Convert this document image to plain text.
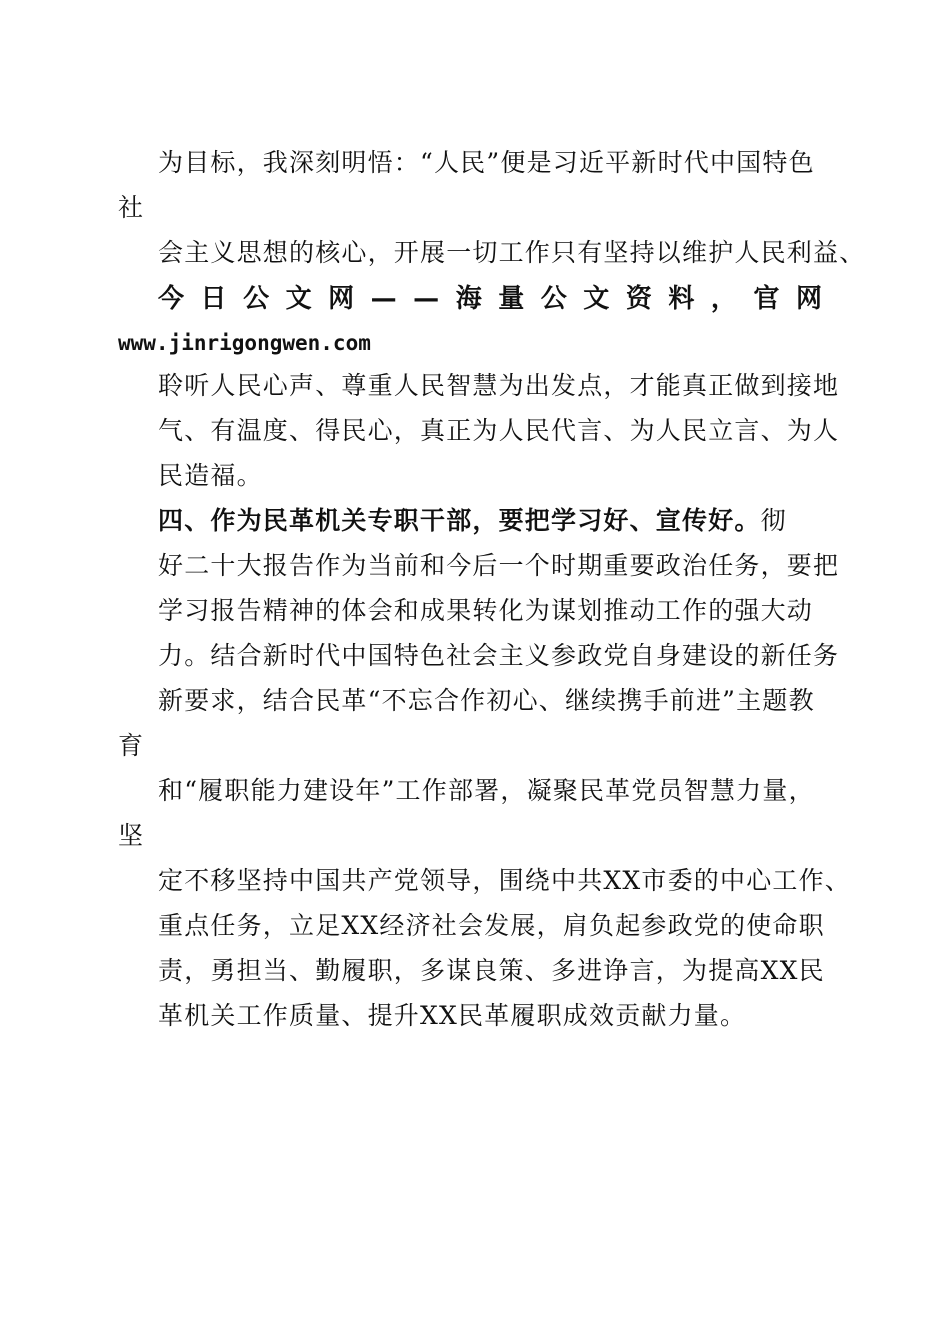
为目标，我深刻明悟：“人民”便是习近平新时代中国特色
社
会主义思想的核心，开展一切工作只有坚持以维护人民利益、
今 日 公 文 网 — — 海 量 公 文 资 料 ， 官 网
www.jinrigongwen.com
聆听人民心声、尊重人民智慧为出发点，才能真正做到接地
气、有温度、得民心，真正为人民代言、为人民立言、为人
民造福。
四、作为民革机关专职干部，要把学习好、宣传好。彻
好二十大报告作为当前和今后一个时期重要政治任务，要把
学习报告精神的体会和成果转化为谋划推动工作的强大动
力。结合新时代中国特色社会主义参政党自身建设的新任务
新要求，结合民革“不忘合作初心、继续携手前进”主题教
育
和“履职能力建设年”工作部署，凝聚民革党员智慧力量，
坚
定不移坚持中国共产党领导，围绕中共XX市委的中心工作、
重点任务，立足XX经济社会发展，肩负起参政党的使命职
责，勇担当、勤履职，多谋良策、多进诤言，为提高XX民
革机关工作质量、提升XX民革履职成效贡献力量。
